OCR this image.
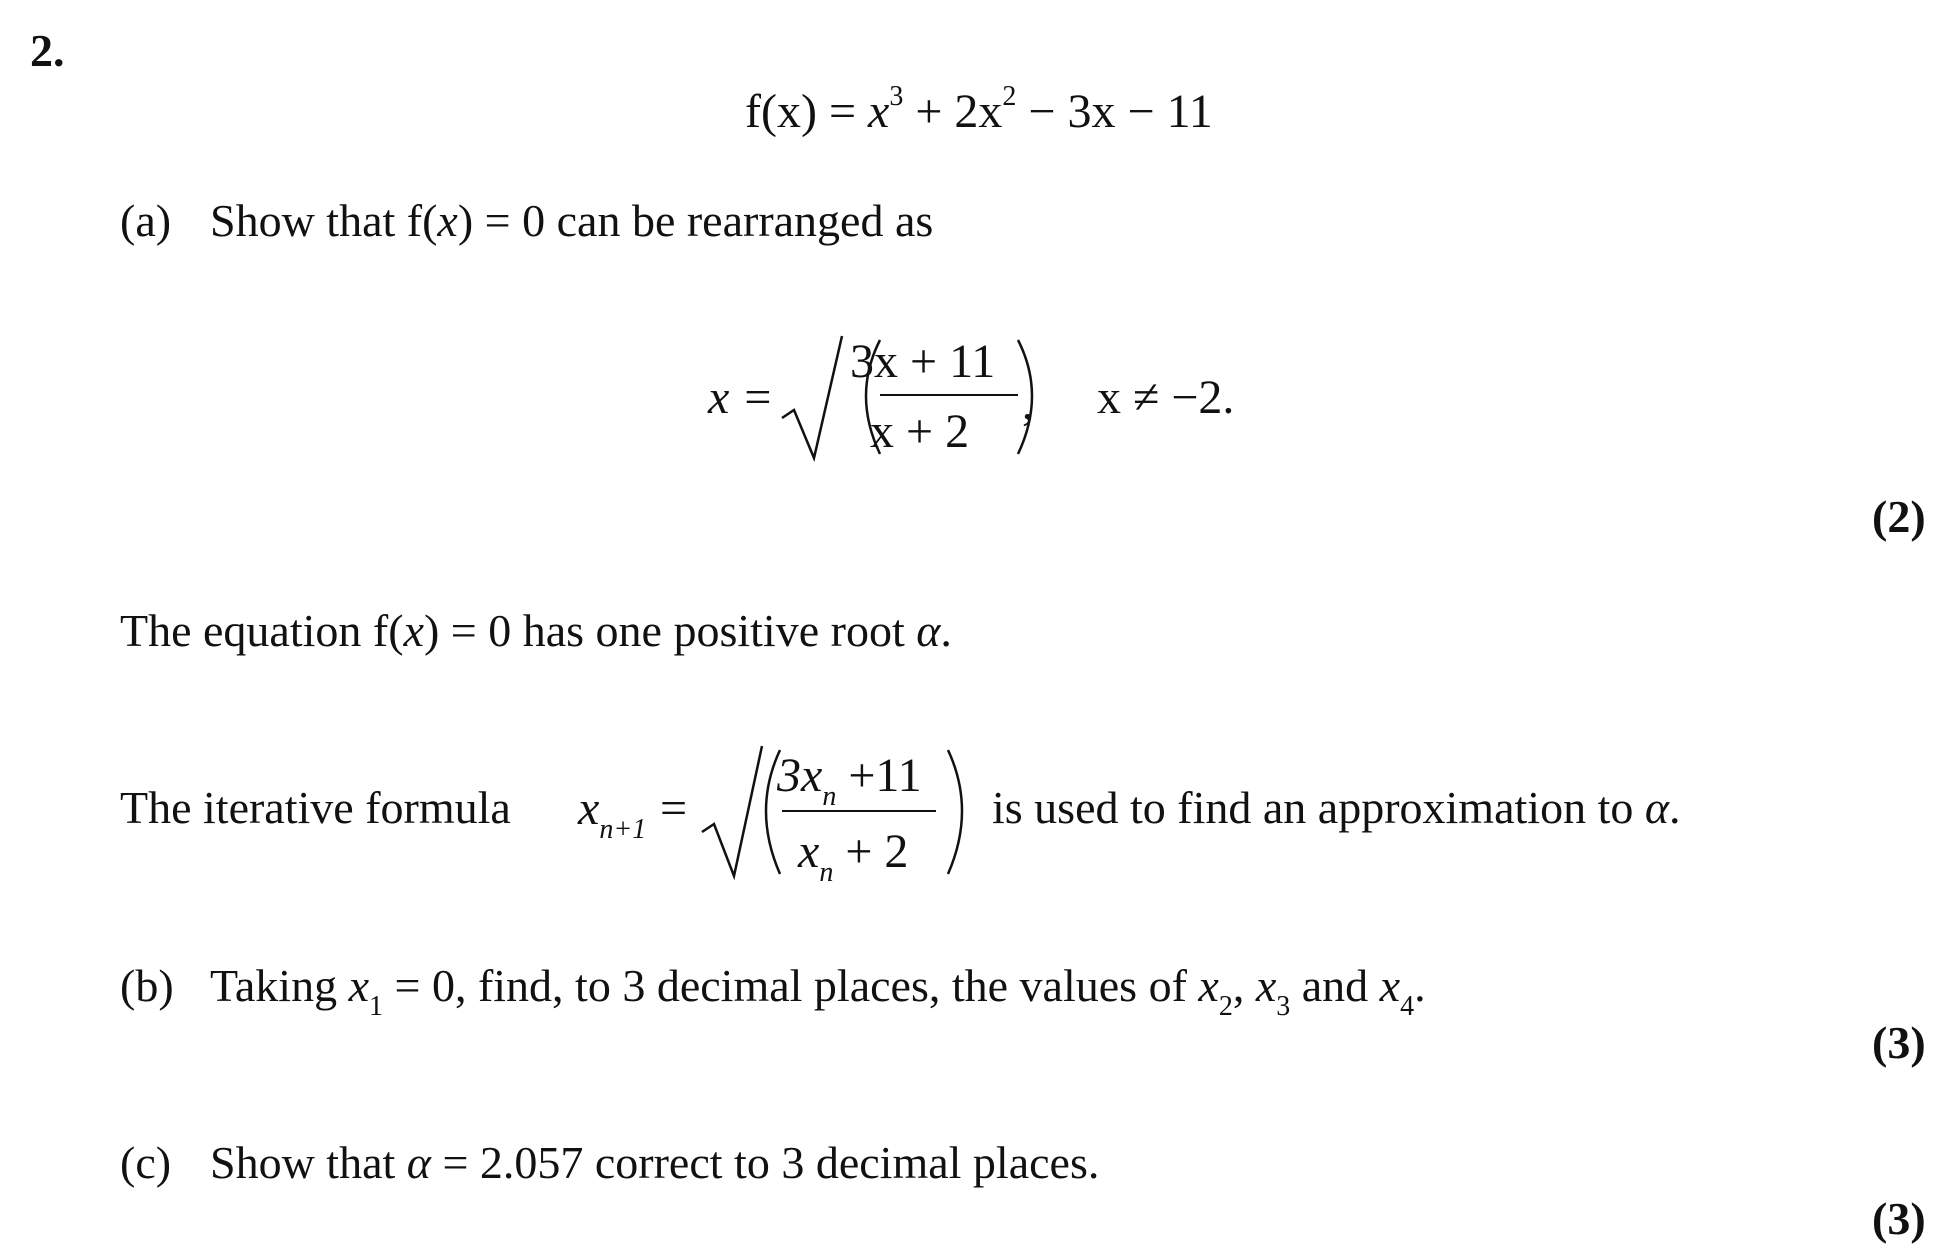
2.
$f(x) = x^3 + 2x^2 - 3x - 11$
(a) Show that f(x) = 0 can be rearranged as
x =
3x + 11
x + 2
, x ≠ −2.
(2)
The equation f(x) = 0 has one positive root α.
The iterative formula $x_{n+1}$ =
$3x_n +11$
$x_n + 2$
is used to find an approximation to α.
(b) Taking $x_1 = 0$, find, to 3 decimal places, the values of $x_2$, $x_3$ and $x_4$.
(3)
(c) Show that α = 2.057 correct to 3 decimal places.
(3)
